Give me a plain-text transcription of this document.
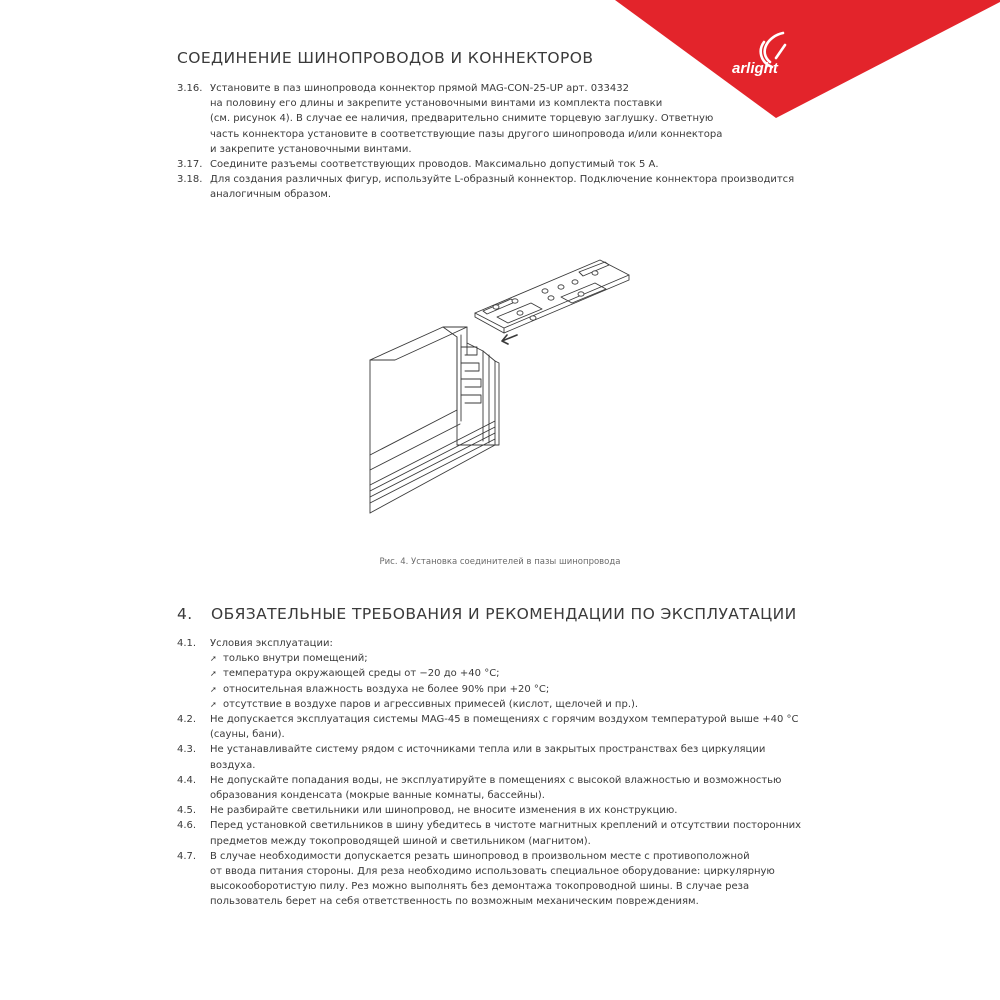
arlight
СОЕДИНЕНИЕ ШИНОПРОВОДОВ И КОННЕКТОРОВ
3.16. Установите в паз шинопровода коннектор прямой MAG-CON-25-UP арт. 033432
на половину его длины и закрепите установочными винтами из комплекта поставки
(см. рисунок 4). В случае ее наличия, предварительно снимите торцевую заглушку. Ответную
часть коннектора установите в соответствующие пазы другого шинопровода и/или коннектора
и закрепите установочными винтами.
3.17. Соедините разъемы соответствующих проводов. Максимально допустимый ток 5 А.
3.18. Для создания различных фигур, используйте L-образный коннектор. Подключение коннектора производится
аналогичным образом.
Рис. 4. Установка соединителей в пазы шинопровода
4. ОБЯЗАТЕЛЬНЫЕ ТРЕБОВАНИЯ И РЕКОМЕНДАЦИИ ПО ЭКСПЛУАТАЦИИ
4.1.	Условия эксплуатации:
➚ только внутри помещений;
➚ температура окружающей среды от −20 до +40 °С;
➚ относительная влажность воздуха не более 90% при +20 °С;
➚ отсутствие в воздухе паров и агрессивных примесей (кислот, щелочей и пр.).
4.2.	Не допускается эксплуатация системы MAG-45 в помещениях с горячим воздухом температурой выше +40 °С
(сауны, бани).
4.3.	Не устанавливайте систему рядом с источниками тепла или в закрытых пространствах без циркуляции
воздуха.
4.4.	Не допускайте попадания воды, не эксплуатируйте в помещениях с высокой влажностью и возможностью
образования конденсата (мокрые ванные комнаты, бассейны).
4.5.	Не разбирайте светильники или шинопровод, не вносите изменения в их конструкцию.
4.6.	Перед установкой светильников в шину убедитесь в чистоте магнитных креплений и отсутствии посторонних
предметов между токопроводящей шиной и светильником (магнитом).
4.7.	В случае необходимости допускается резать шинопровод в произвольном месте с противоположной
от ввода питания стороны. Для реза необходимо использовать специальное оборудование: циркулярную
высокооборотистую пилу. Рез можно выполнять без демонтажа токопроводной шины. В случае реза
пользователь берет на себя ответственность по возможным механическим повреждениям.
